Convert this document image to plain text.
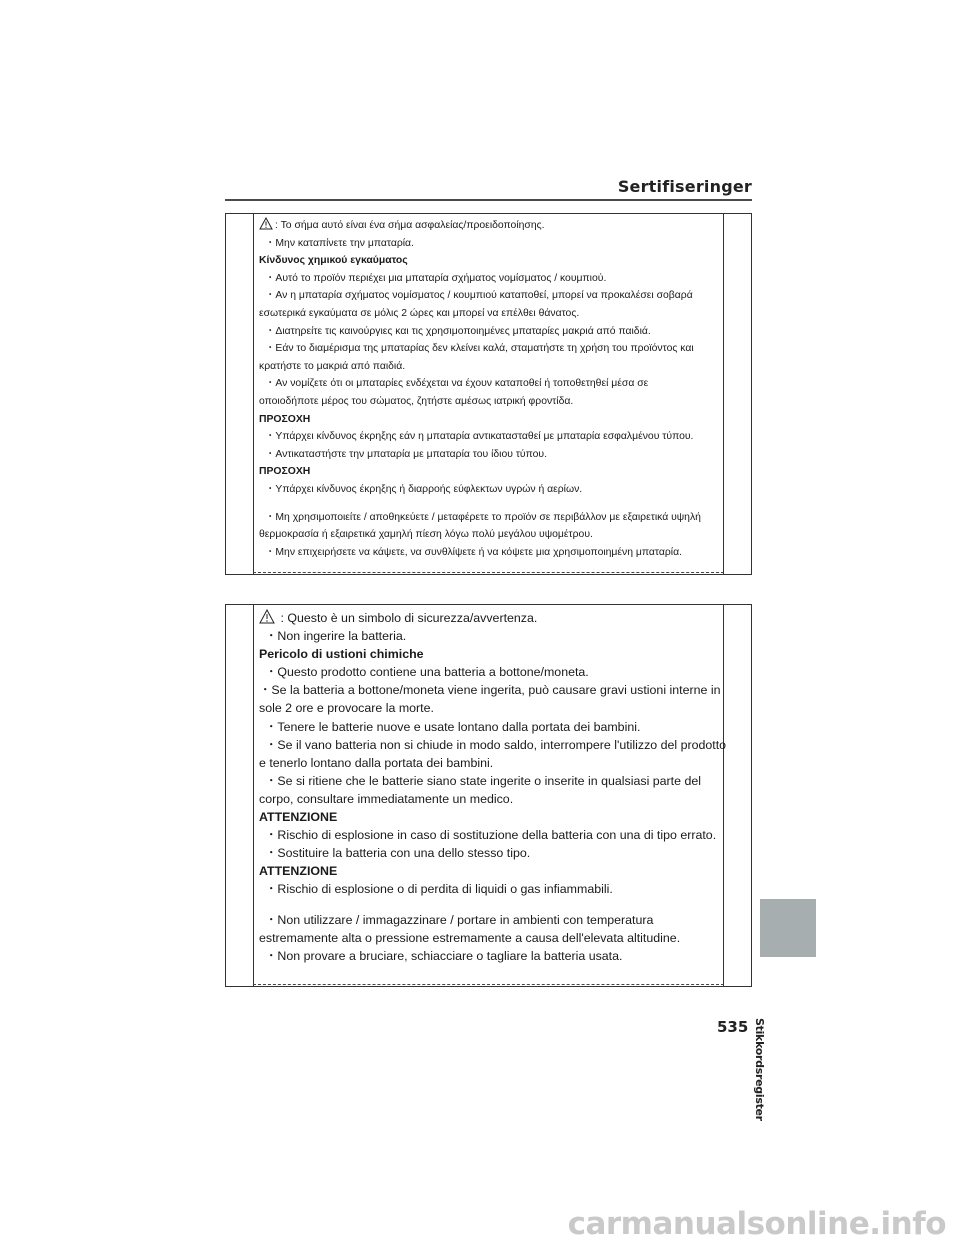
Sertifiseringer
: Το σήμα αυτό είναι ένα σήμα ασφαλείας/προειδοποίησης.
・Μην καταπίνετε την μπαταρία.
Κίνδυνος χημικού εγκαύματος
・Αυτό το προϊόν περιέχει μια μπαταρία σχήματος νομίσματος / κουμπιού.
・Αν η μπαταρία σχήματος νομίσματος / κουμπιού καταποθεί, μπορεί να προκαλέσει σοβαρά
εσωτερικά εγκαύματα σε μόλις 2 ώρες και μπορεί να επέλθει θάνατος.
・Διατηρείτε τις καινούργιες και τις χρησιμοποιημένες μπαταρίες μακριά από παιδιά.
・Εάν το διαμέρισμα της μπαταρίας δεν κλείνει καλά, σταματήστε τη χρήση του προϊόντος και
κρατήστε το μακριά από παιδιά.
・Αν νομίζετε ότι οι μπαταρίες ενδέχεται να έχουν καταποθεί ή τοποθετηθεί μέσα σε
οποιοδήποτε μέρος του σώματος, ζητήστε αμέσως ιατρική φροντίδα.
ΠΡΟΣΟΧΗ
・Υπάρχει κίνδυνος έκρηξης εάν η μπαταρία αντικατασταθεί με μπαταρία εσφαλμένου τύπου.
・Αντικαταστήστε την μπαταρία με μπαταρία του ίδιου τύπου.
ΠΡΟΣΟΧΗ
・Υπάρχει κίνδυνος έκρηξης ή διαρροής εύφλεκτων υγρών ή αερίων.
・Μη χρησιμοποιείτε / αποθηκεύετε / μεταφέρετε το προϊόν σε περιβάλλον με εξαιρετικά υψηλή
θερμοκρασία ή εξαιρετικά χαμηλή πίεση λόγω πολύ μεγάλου υψομέτρου.
・Μην επιχειρήσετε να κάψετε, να συνθλίψετε ή να κόψετε μια χρησιμοποιημένη μπαταρία.
: Questo è un simbolo di sicurezza/avvertenza.
・Non ingerire la batteria.
Pericolo di ustioni chimiche
・Questo prodotto contiene una batteria a bottone/moneta.
・Se la batteria a bottone/moneta viene ingerita, può causare gravi ustioni interne in
sole 2 ore e provocare la morte.
・Tenere le batterie nuove e usate lontano dalla portata dei bambini.
・Se il vano batteria non si chiude in modo saldo, interrompere l'utilizzo del prodotto
e tenerlo lontano dalla portata dei bambini.
・Se si ritiene che le batterie siano state ingerite o inserite in qualsiasi parte del
corpo, consultare immediatamente un medico.
ATTENZIONE
・Rischio di esplosione in caso di sostituzione della batteria con una di tipo errato.
・Sostituire la batteria con una dello stesso tipo.
ATTENZIONE
・Rischio di esplosione o di perdita di liquidi o gas infiammabili.
・Non utilizzare / immagazzinare / portare in ambienti con temperatura
estremamente alta o pressione estremamente a causa dell'elevata altitudine.
・Non provare a bruciare, schiacciare o tagliare la batteria usata.
Stikkordsregister
535
carmanualsonline.info
